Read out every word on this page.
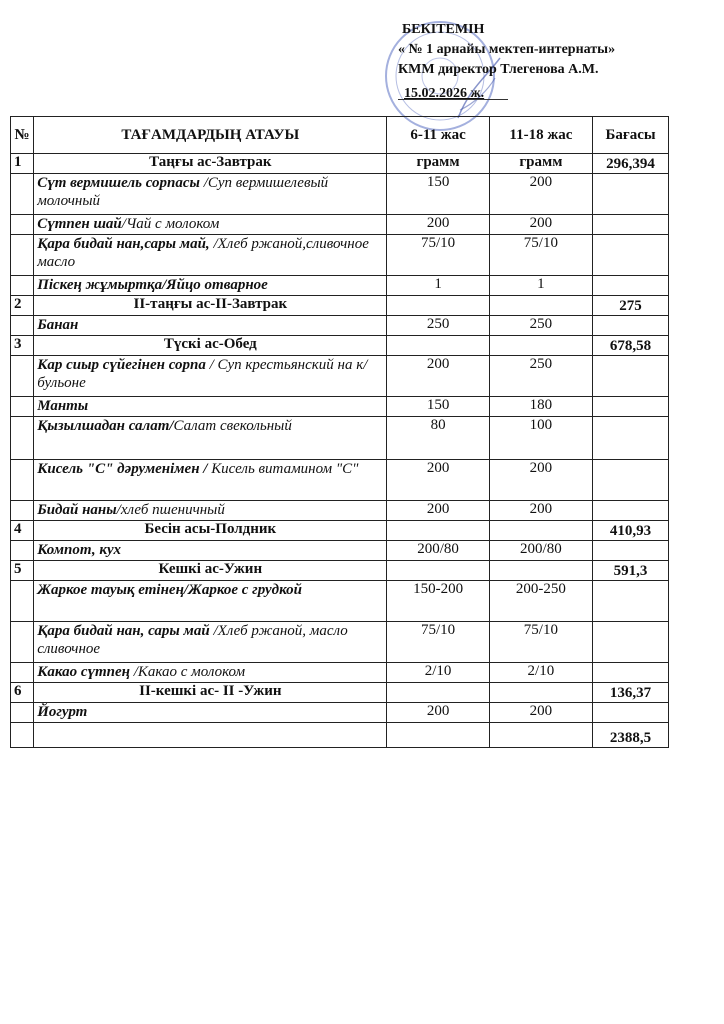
БЕКІТЕМІН
« № 1 арнайы мектеп-интернаты»
КММ директор Тлегенова А.М.
15.02.2026 ж.
№	ТАҒАМДАРДЫҢ АТАУЫ	6-11 жас	11-18 жас	Бағасы
1	Таңғы ас-Завтрак	грамм	грамм	296,394
	Сүт вермишель сорпасы /Суп вермишелевый молочный	150	200	
	Сүтпен шай/Чай с молоком	200	200	
	Қара бидай нан,сары май, /Хлеб ржаной,сливочное масло	75/10	75/10	
	Піскең жұмыртқа/Яйцо отварное	1	1	
2	ІІ-таңғы ас-ІІ-Завтрак			275
	Банан	250	250	
3	Түскі ас-Обед			678,58
	Кар сиыр сүйегінен сорпа / Суп крестьянский на к/бульоне	200	250	
	Манты	150	180	
	Қызылшадан салат/Салат свекольный	80	100	
	Кисель "С" дәруменімен / Кисель витамином "С"	200	200	
	Бидай наны/хлеб пшеничный	200	200	
4	Бесін асы-Полдник			410,93
	Компот, кух	200/80	200/80	
5	Кешкі ас-Ужин			591,3
	Жаркое тауық етінең/Жаркое с грудкой	150-200	200-250	
	Қара бидай нан, сары май /Хлеб ржаной, масло сливочное	75/10	75/10	
	Какао сүтпең /Какао с молоком	2/10	2/10	
6	ІІ-кешкі ас- ІІ -Ужин			136,37
	Йогурт	200	200	
				2388,5
